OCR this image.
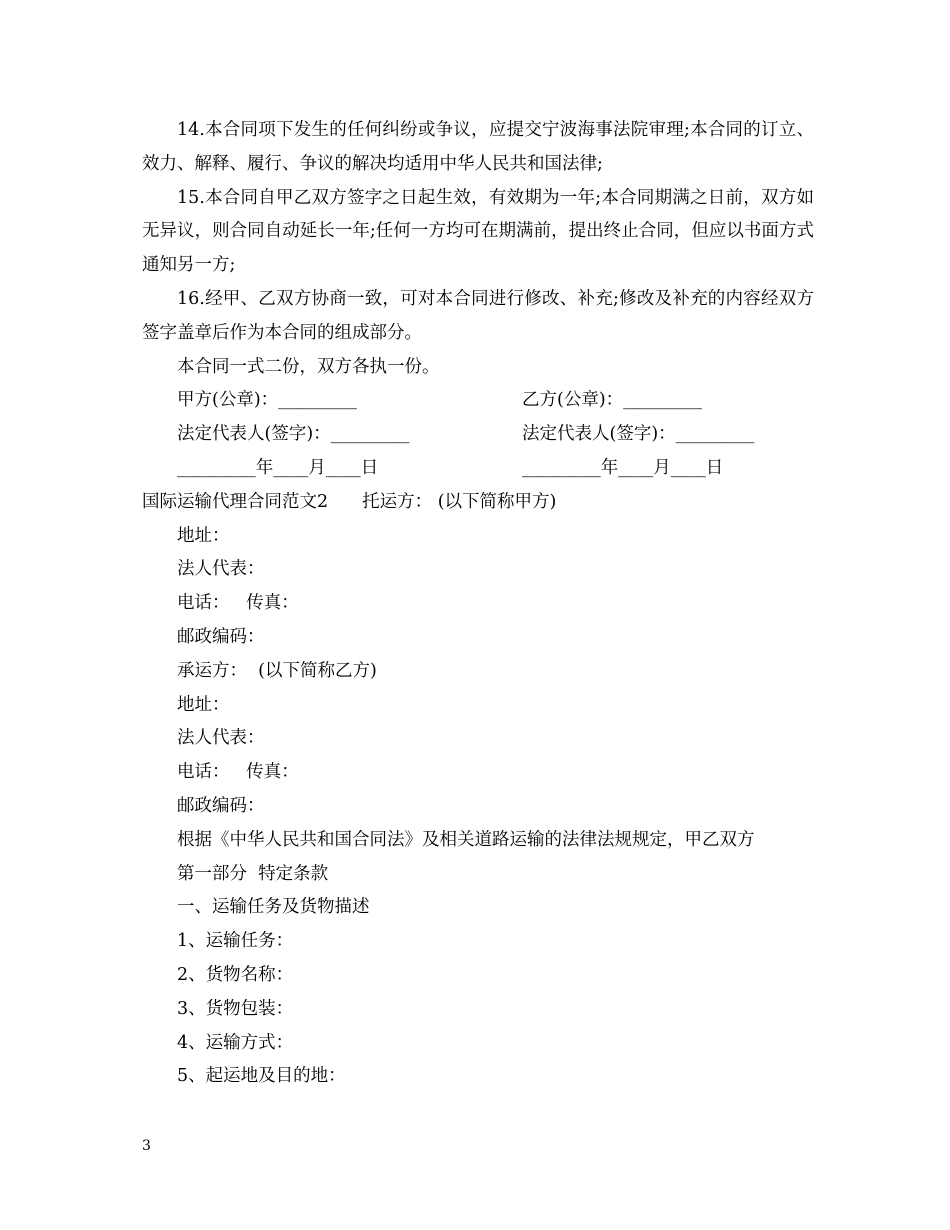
14.本合同项下发生的任何纠纷或争议，应提交宁波海事法院审理;本合同的订立、效力、解释、履行、争议的解决均适用中华人民共和国法律;

15.本合同自甲乙双方签字之日起生效，有效期为一年;本合同期满之日前，双方如无异议，则合同自动延长一年;任何一方均可在期满前，提出终止合同，但应以书面方式通知另一方;

16.经甲、乙双方协商一致，可对本合同进行修改、补充;修改及补充的内容经双方签字盖章后作为本合同的组成部分。

本合同一式二份，双方各执一份。

甲方(公章)：_________	乙方(公章)：_________
法定代表人(签字)：_________	法定代表人(签字)：_________
_________年____月____日	_________年____月____日

国际运输代理合同范文2 托运方： (以下简称甲方)

地址：

法人代表：

电话：   传真：

邮政编码：

承运方：  (以下简称乙方)

地址：

法人代表：

电话：   传真：

邮政编码：

根据《中华人民共和国合同法》及相关道路运输的法律法规规定，甲乙双方

第一部分  特定条款

一、运输任务及货物描述

1、运输任务：

2、货物名称：

3、货物包装：

4、运输方式：

5、起运地及目的地：

3
